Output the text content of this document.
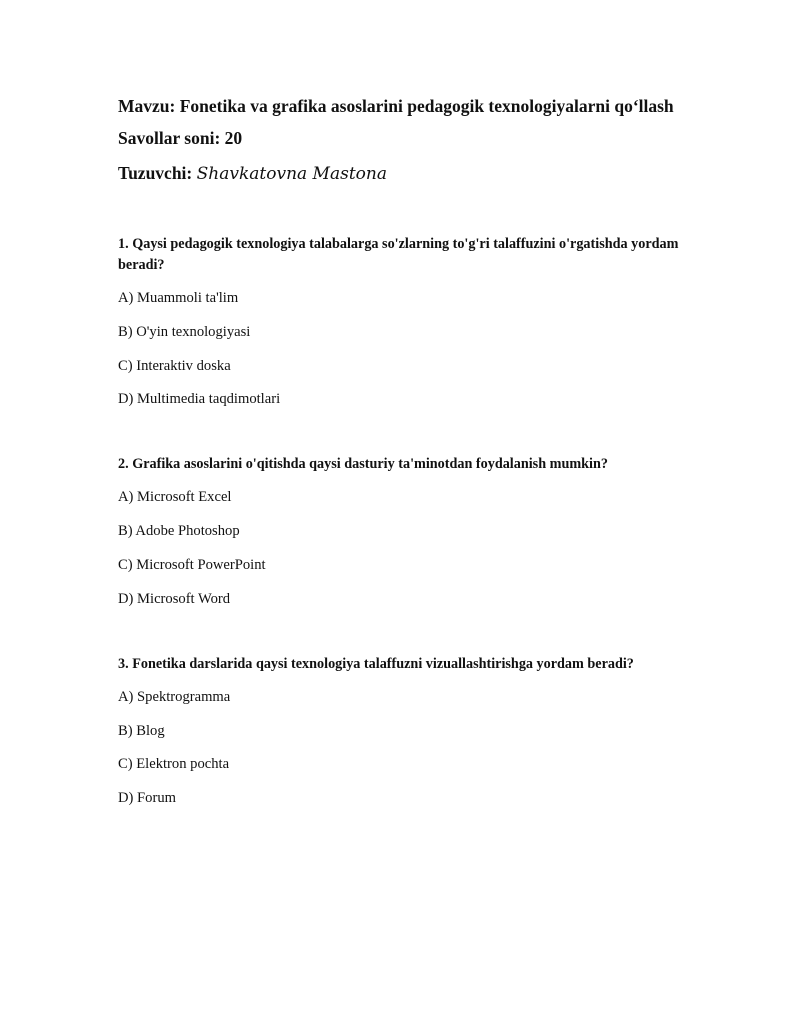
Mavzu: Fonetika va grafika asoslarini pedagogik texnologiyalarni qo‘llash

Savollar soni: 20

Tuzuvchi: Shavkatovna Mastona

1. Qaysi pedagogik texnologiya talabalarga so'zlarning to'g'ri talaffuzini o'rgatishda yordam beradi?

A) Muammoli ta'lim

B) O'yin texnologiyasi

C) Interaktiv doska

D) Multimedia taqdimotlari

2. Grafika asoslarini o'qitishda qaysi dasturiy ta'minotdan foydalanish mumkin?

A) Microsoft Excel

B) Adobe Photoshop

C) Microsoft PowerPoint

D) Microsoft Word

3. Fonetika darslarida qaysi texnologiya talaffuzni vizuallashtirishga yordam beradi?

A) Spektrogramma

B) Blog

C) Elektron pochta

D) Forum
